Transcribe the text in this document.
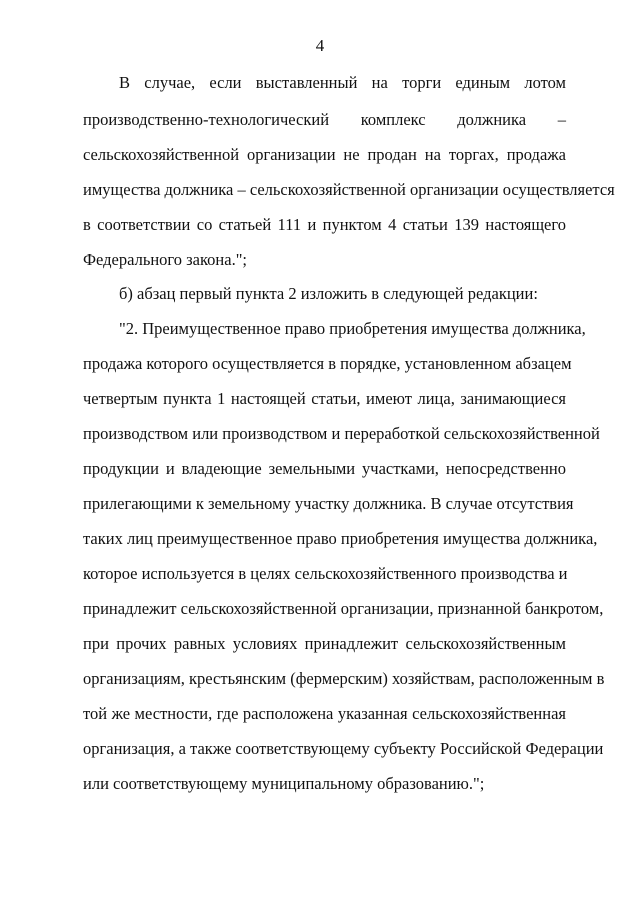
4
В случае, если выставленный на торги единым лотом
производственно-технологический комплекс должника –
сельскохозяйственной организации не продан на торгах, продажа
имущества должника – сельскохозяйственной организации осуществляется
в соответствии со статьей 111 и пунктом 4 статьи 139 настоящего
Федерального закона.";
б) абзац первый пункта 2 изложить в следующей редакции:
"2. Преимущественное право приобретения имущества должника,
продажа которого осуществляется в порядке, установленном абзацем
четвертым пункта 1 настоящей статьи, имеют лица, занимающиеся
производством или производством и переработкой сельскохозяйственной
продукции и владеющие земельными участками, непосредственно
прилегающими к земельному участку должника. В случае отсутствия
таких лиц преимущественное право приобретения имущества должника,
которое используется в целях сельскохозяйственного производства и
принадлежит сельскохозяйственной организации, признанной банкротом,
при прочих равных условиях принадлежит сельскохозяйственным
организациям, крестьянским (фермерским) хозяйствам, расположенным в
той же местности, где расположена указанная сельскохозяйственная
организация, а также соответствующему субъекту Российской Федерации
или соответствующему муниципальному образованию.";
